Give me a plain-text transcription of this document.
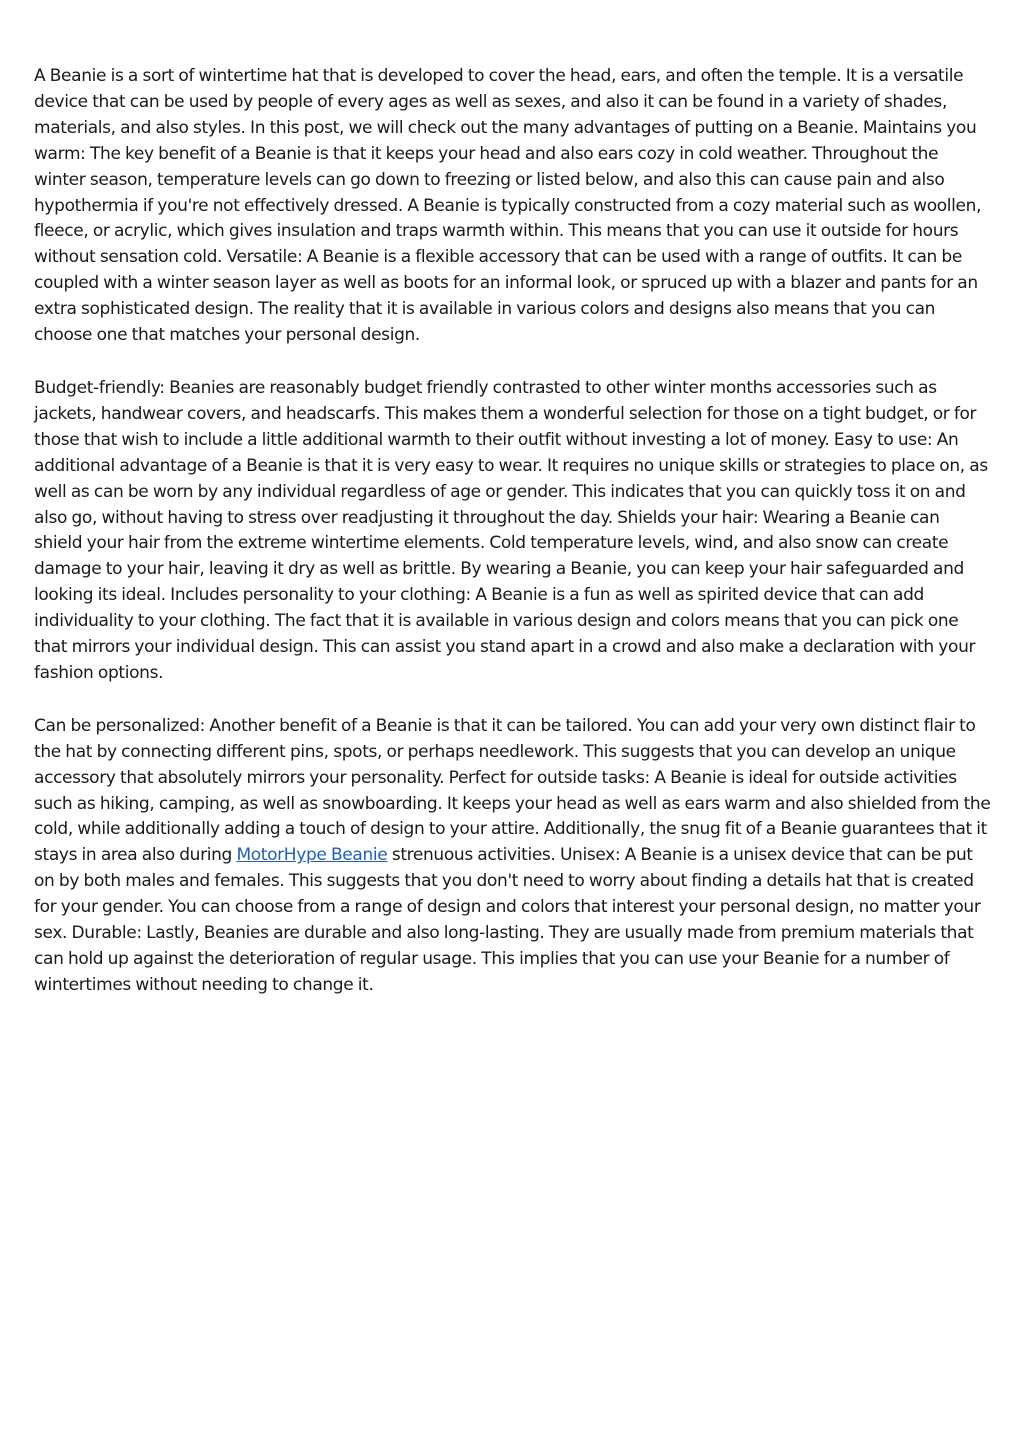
A Beanie is a sort of wintertime hat that is developed to cover the head, ears, and often the temple. It is a versatile device that can be used by people of every ages as well as sexes, and also it can be found in a variety of shades, materials, and also styles. In this post, we will check out the many advantages of putting on a Beanie. Maintains you warm: The key benefit of a Beanie is that it keeps your head and also ears cozy in cold weather. Throughout the winter season, temperature levels can go down to freezing or listed below, and also this can cause pain and also hypothermia if you're not effectively dressed. A Beanie is typically constructed from a cozy material such as woollen, fleece, or acrylic, which gives insulation and traps warmth within. This means that you can use it outside for hours without sensation cold. Versatile: A Beanie is a flexible accessory that can be used with a range of outfits. It can be coupled with a winter season layer as well as boots for an informal look, or spruced up with a blazer and pants for an extra sophisticated design. The reality that it is available in various colors and designs also means that you can choose one that matches your personal design.

Budget-friendly: Beanies are reasonably budget friendly contrasted to other winter months accessories such as jackets, handwear covers, and headscarfs. This makes them a wonderful selection for those on a tight budget, or for those that wish to include a little additional warmth to their outfit without investing a lot of money. Easy to use: An additional advantage of a Beanie is that it is very easy to wear. It requires no unique skills or strategies to place on, as well as can be worn by any individual regardless of age or gender. This indicates that you can quickly toss it on and also go, without having to stress over readjusting it throughout the day. Shields your hair: Wearing a Beanie can shield your hair from the extreme wintertime elements. Cold temperature levels, wind, and also snow can create damage to your hair, leaving it dry as well as brittle. By wearing a Beanie, you can keep your hair safeguarded and looking its ideal. Includes personality to your clothing: A Beanie is a fun as well as spirited device that can add individuality to your clothing. The fact that it is available in various design and colors means that you can pick one that mirrors your individual design. This can assist you stand apart in a crowd and also make a declaration with your fashion options.

Can be personalized: Another benefit of a Beanie is that it can be tailored. You can add your very own distinct flair to the hat by connecting different pins, spots, or perhaps needlework. This suggests that you can develop an unique accessory that absolutely mirrors your personality. Perfect for outside tasks: A Beanie is ideal for outside activities such as hiking, camping, as well as snowboarding. It keeps your head as well as ears warm and also shielded from the cold, while additionally adding a touch of design to your attire. Additionally, the snug fit of a Beanie guarantees that it stays in area also during MotorHype Beanie strenuous activities. Unisex: A Beanie is a unisex device that can be put on by both males and females. This suggests that you don't need to worry about finding a details hat that is created for your gender. You can choose from a range of design and colors that interest your personal design, no matter your sex. Durable: Lastly, Beanies are durable and also long-lasting. They are usually made from premium materials that can hold up against the deterioration of regular usage. This implies that you can use your Beanie for a number of wintertimes without needing to change it.
